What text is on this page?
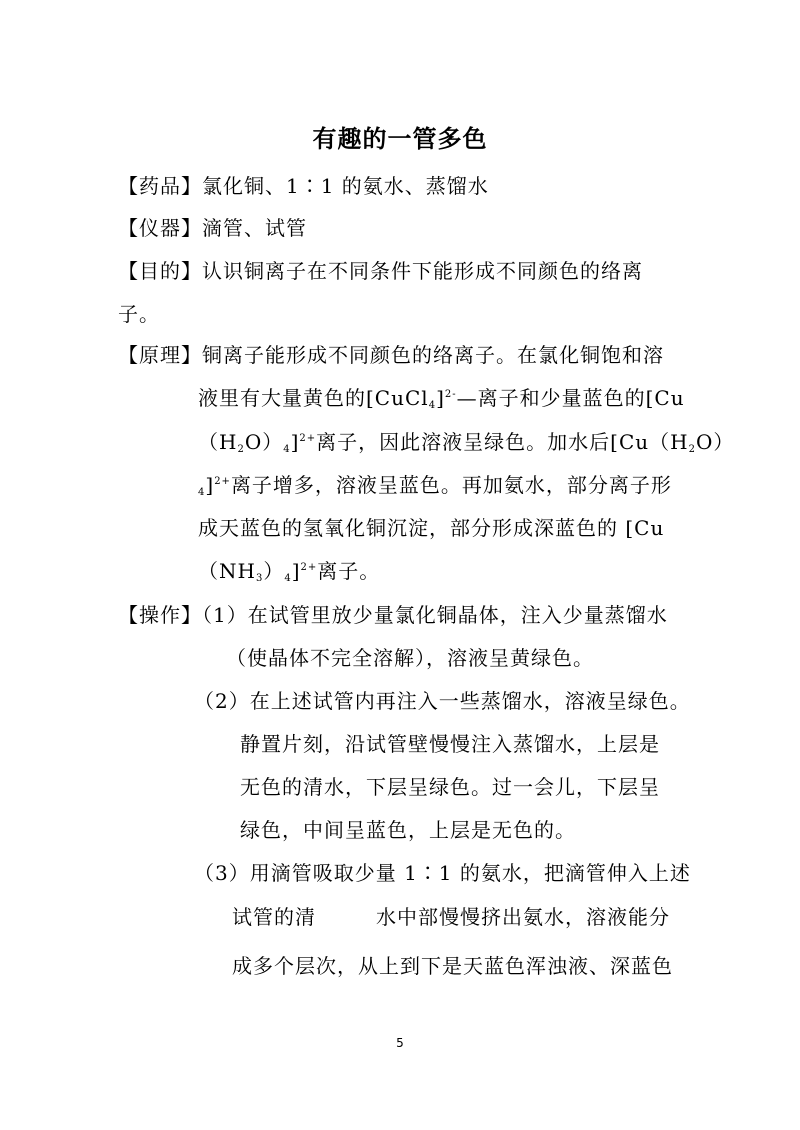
有趣的一管多色
【药品】氯化铜、1∶1 的氨水、蒸馏水
【仪器】滴管、试管
【目的】认识铜离子在不同条件下能形成不同颜色的络离
子。
【原理】铜离子能形成不同颜色的络离子。在氯化铜饱和溶
液里有大量黄色的[CuCl$_4$]$^{2-}$—离子和少量蓝色的[Cu
$(H_2O)_4]^{2+}$离子，因此溶液呈绿色。加水后[$Cu(H_2O)$
$_4$]$^{2+}$离子增多，溶液呈蓝色。再加氨水，部分离子形
成天蓝色的氢氧化铜沉淀，部分形成深蓝色的 [Cu
$(NH_3)_4]^{2+}$离子。
【操作】（1）在试管里放少量氯化铜晶体，注入少量蒸馏水
（使晶体不完全溶解），溶液呈黄绿色。
（2）在上述试管内再注入一些蒸馏水，溶液呈绿色。
静置片刻，沿试管壁慢慢注入蒸馏水，上层是
无色的清水，下层呈绿色。过一会儿，下层呈
绿色，中间呈蓝色，上层是无色的。
（3）用滴管吸取少量 1∶1 的氨水，把滴管伸入上述
试管的清	水中部慢慢挤出氨水，溶液能分
成多个层次，从上到下是天蓝色浑浊液、深蓝色
5
